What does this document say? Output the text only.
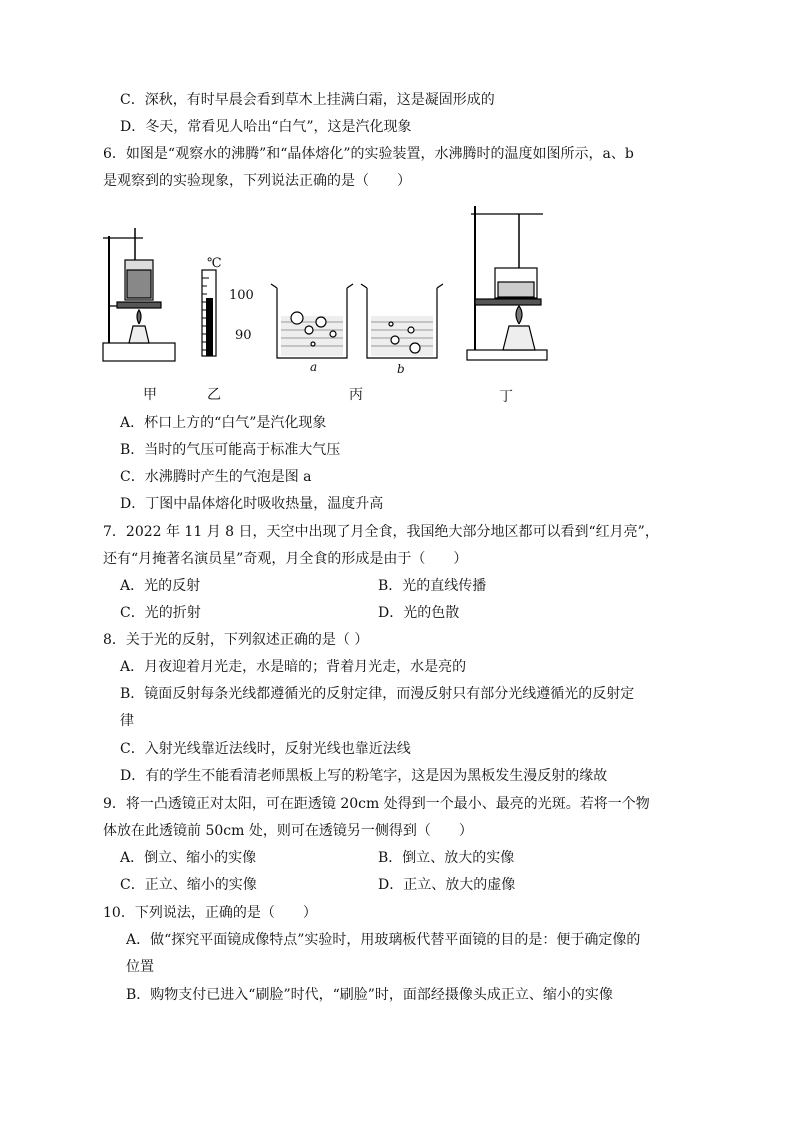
C．深秋，有时早晨会看到草木上挂满白霜，这是凝固形成的
D．冬天，常看见人哈出“白气”，这是汽化现象
6．如图是“观察水的沸腾”和“晶体熔化”的实验装置，水沸腾时的温度如图所示，a、b
是观察到的实验现象，下列说法正确的是（　　）
℃
100
90
a	b
甲	乙	丙	丁
A．杯口上方的“白气”是汽化现象
B．当时的气压可能高于标准大气压
C．水沸腾时产生的气泡是图 a
D．丁图中晶体熔化时吸收热量，温度升高
7．2022 年 11 月 8 日，天空中出现了月全食，我国绝大部分地区都可以看到“红月亮”，
还有“月掩著名演员星”奇观，月全食的形成是由于（　　）
A．光的反射	B．光的直线传播
C．光的折射	D．光的色散
8．关于光的反射，下列叙述正确的是（ ）
A．月夜迎着月光走，水是暗的；背着月光走，水是亮的
B．镜面反射每条光线都遵循光的反射定律，而漫反射只有部分光线遵循光的反射定
律
C．入射光线靠近法线时，反射光线也靠近法线
D．有的学生不能看清老师黑板上写的粉笔字，这是因为黑板发生漫反射的缘故
9．将一凸透镜正对太阳，可在距透镜 20cm 处得到一个最小、最亮的光斑。若将一个物
体放在此透镜前 50cm 处，则可在透镜另一侧得到（　　）
A．倒立、缩小的实像	B．倒立、放大的实像
C．正立、缩小的实像	D．正立、放大的虚像
10．下列说法，正确的是（　　）
A．做“探究平面镜成像特点”实验时，用玻璃板代替平面镜的目的是：便于确定像的
位置
B．购物支付已进入“刷脸”时代，“刷脸”时，面部经摄像头成正立、缩小的实像
